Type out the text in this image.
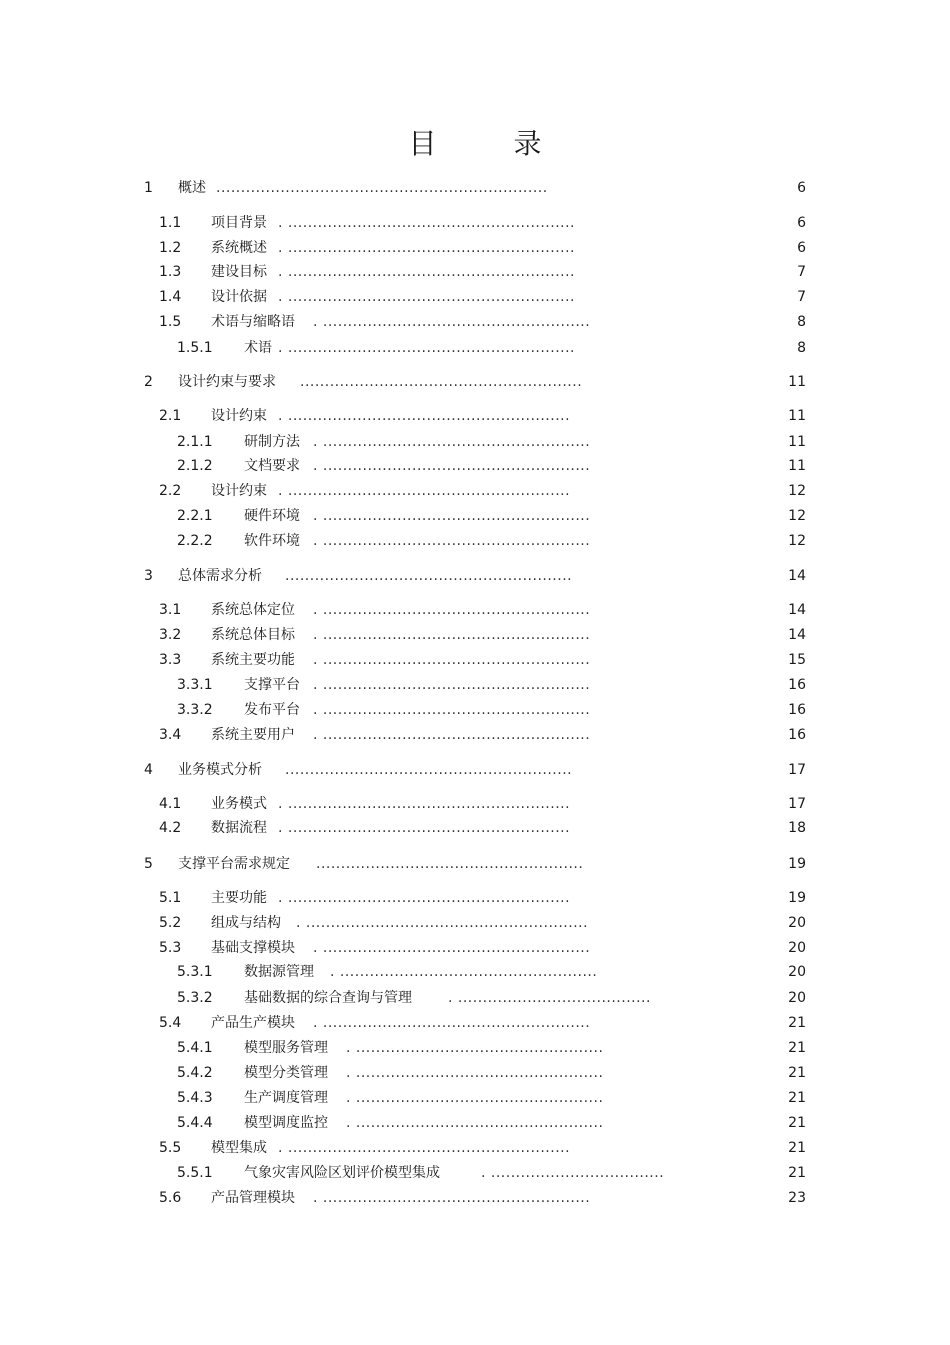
目 录
1 概述 ...................................................................	6
1.1 项目背景 . ..........................................................	6
1.2 系统概述 . ..........................................................	6
1.3 建设目标 . ..........................................................	7
1.4 设计依据 . ..........................................................	7
1.5 术语与缩略语 . ......................................................	8
1.5.1 术语 . ..........................................................	8
2 设计约束与要求 .........................................................	11
2.1 设计约束 . .........................................................	11
2.1.1 研制方法 . ......................................................	11
2.1.2 文档要求 . ......................................................	11
2.2 设计约束 . .........................................................	12
2.2.1 硬件环境 . ......................................................	12
2.2.2 软件环境 . ......................................................	12
3 总体需求分析 ..........................................................	14
3.1 系统总体定位 . ......................................................	14
3.2 系统总体目标 . ......................................................	14
3.3 系统主要功能 . ......................................................	15
3.3.1 支撑平台 . ......................................................	16
3.3.2 发布平台 . ......................................................	16
3.4 系统主要用户 . ......................................................	16
4 业务模式分析 ..........................................................	17
4.1 业务模式 . .........................................................	17
4.2 数据流程 . .........................................................	18
5 支撑平台需求规定 ......................................................	19
5.1 主要功能 . .........................................................	19
5.2 组成与结构 . .........................................................	20
5.3 基础支撑模块 . ......................................................	20
5.3.1 数据源管理 . ....................................................	20
5.3.2 基础数据的综合查询与管理	. .......................................	20
5.4 产品生产模块 . ......................................................	21
5.4.1 模型服务管理 . ..................................................	21
5.4.2 模型分类管理 . ..................................................	21
5.4.3 生产调度管理 . ..................................................	21
5.4.4 模型调度监控 . ..................................................	21
5.5 模型集成 . .........................................................	21
5.5.1 气象灾害风险区划评价模型集成	. ...................................	21
5.6 产品管理模块 . ......................................................	23
